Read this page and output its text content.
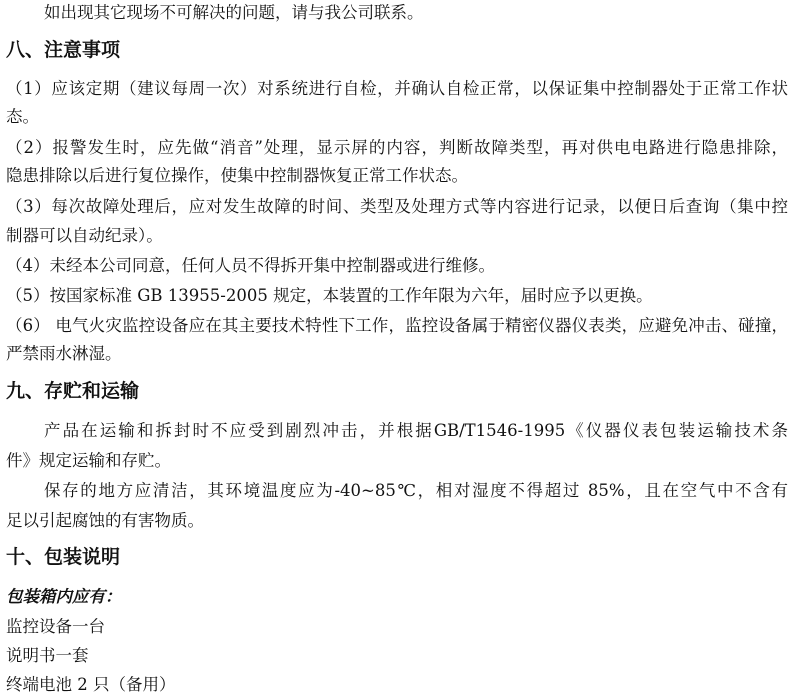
如出现其它现场不可解决的问题，请与我公司联系。
八、注意事项
（1）应该定期（建议每周一次）对系统进行自检，并确认自检正常，以保证集中控制器处于正常工作状
态。
（2）报警发生时，应先做“消音”处理，显示屏的内容，判断故障类型，再对供电电路进行隐患排除，
隐患排除以后进行复位操作，使集中控制器恢复正常工作状态。
（3）每次故障处理后，应对发生故障的时间、类型及处理方式等内容进行记录，以便日后查询（集中控
制器可以自动纪录）。
（4）未经本公司同意，任何人员不得拆开集中控制器或进行维修。
（5）按国家标准 GB 13955-2005 规定，本装置的工作年限为六年，届时应予以更换。
（6） 电气火灾监控设备应在其主要技术特性下工作，监控设备属于精密仪器仪表类，应避免冲击、碰撞，
严禁雨水淋湿。
九、存贮和运输
产品在运输和拆封时不应受到剧烈冲击，并根据GB/T1546-1995《仪器仪表包装运输技术条
件》规定运输和存贮。
保存的地方应清洁，其环境温度应为-40~85℃，相对湿度不得超过 85%，且在空气中不含有
足以引起腐蚀的有害物质。
十、包装说明
包装箱内应有：
监控设备一台
说明书一套
终端电池 2 只（备用）
